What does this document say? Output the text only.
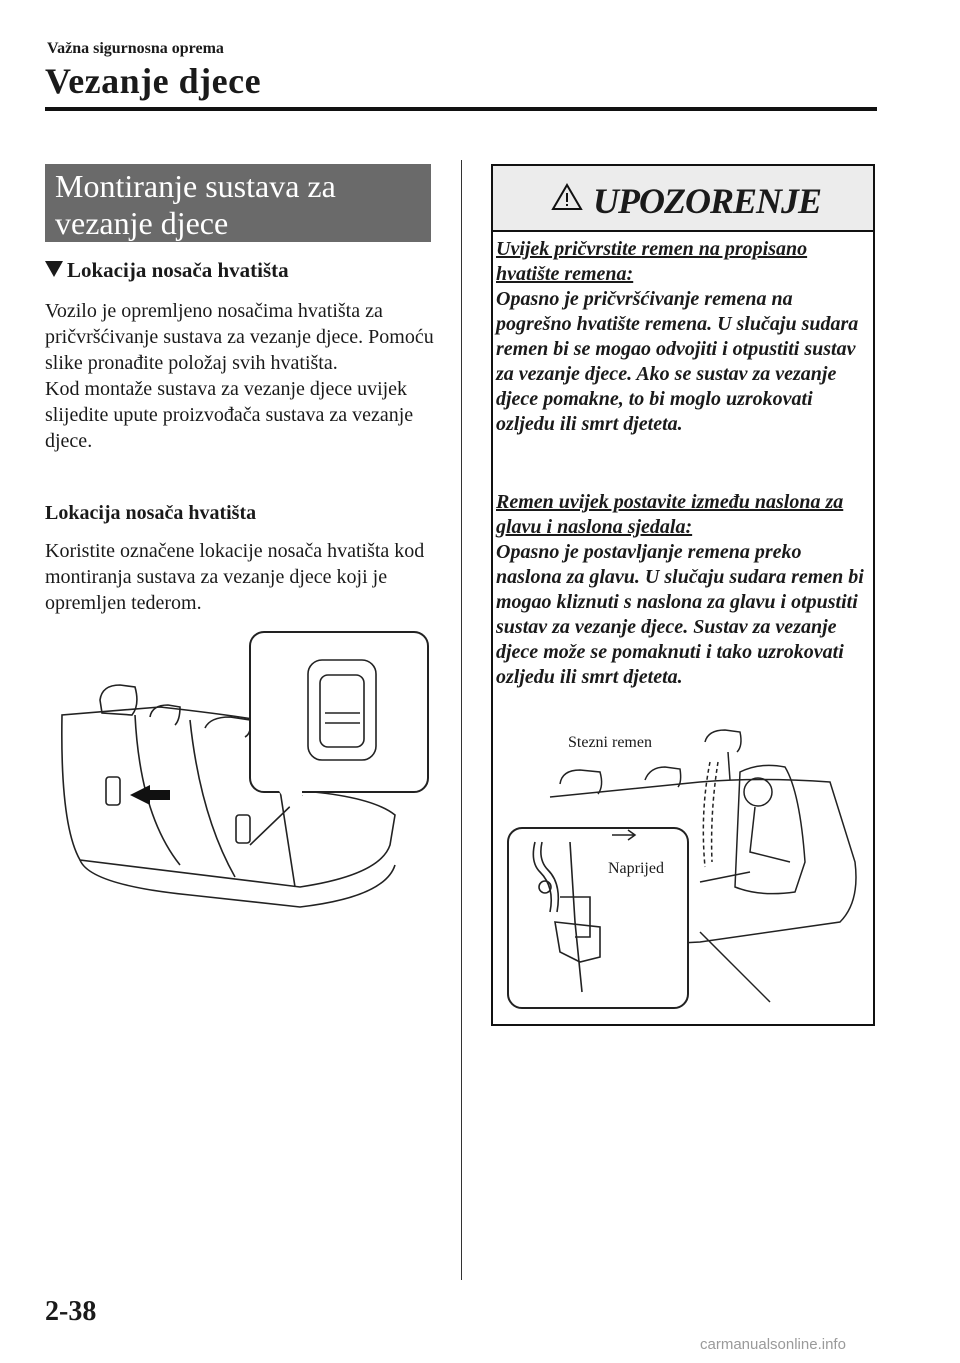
Važna sigurnosna oprema
Vezanje djece
Montiranje sustava za
vezanje djece
Lokacija nosača hvatišta

Vozilo je opremljeno nosačima hvatišta za pričvršćivanje sustava za vezanje djece. Pomoću slike pronađite položaj svih hvatišta.

Kod montaže sustava za vezanje djece uvijek slijedite upute proizvođača sustava za vezanje djece.

Lokacija nosača hvatišta
Koristite označene lokacije nosača hvatišta kod montiranja sustava za vezanje djece koji je opremljen tederom.
UPOZORENJE

Uvijek pričvrstite remen na propisano hvatište remena:

Opasno je pričvršćivanje remena na pogrešno hvatište remena. U slučaju sudara remen bi se mogao odvojiti i otpustiti sustav za vezanje djece. Ako se sustav za vezanje djece pomakne, to bi moglo uzrokovati ozljedu ili smrt djeteta.

Remen uvijek postavite između naslona za glavu i naslona sjedala:

Opasno je postavljanje remena preko naslona za glavu. U slučaju sudara remen bi mogao kliznuti s naslona za glavu i otpustiti sustav za vezanje djece. Sustav za vezanje djece može se pomaknuti i tako uzrokovati ozljedu ili smrt djeteta.

Stezni remen
Naprijed
2-38
carmanualsonline.info
